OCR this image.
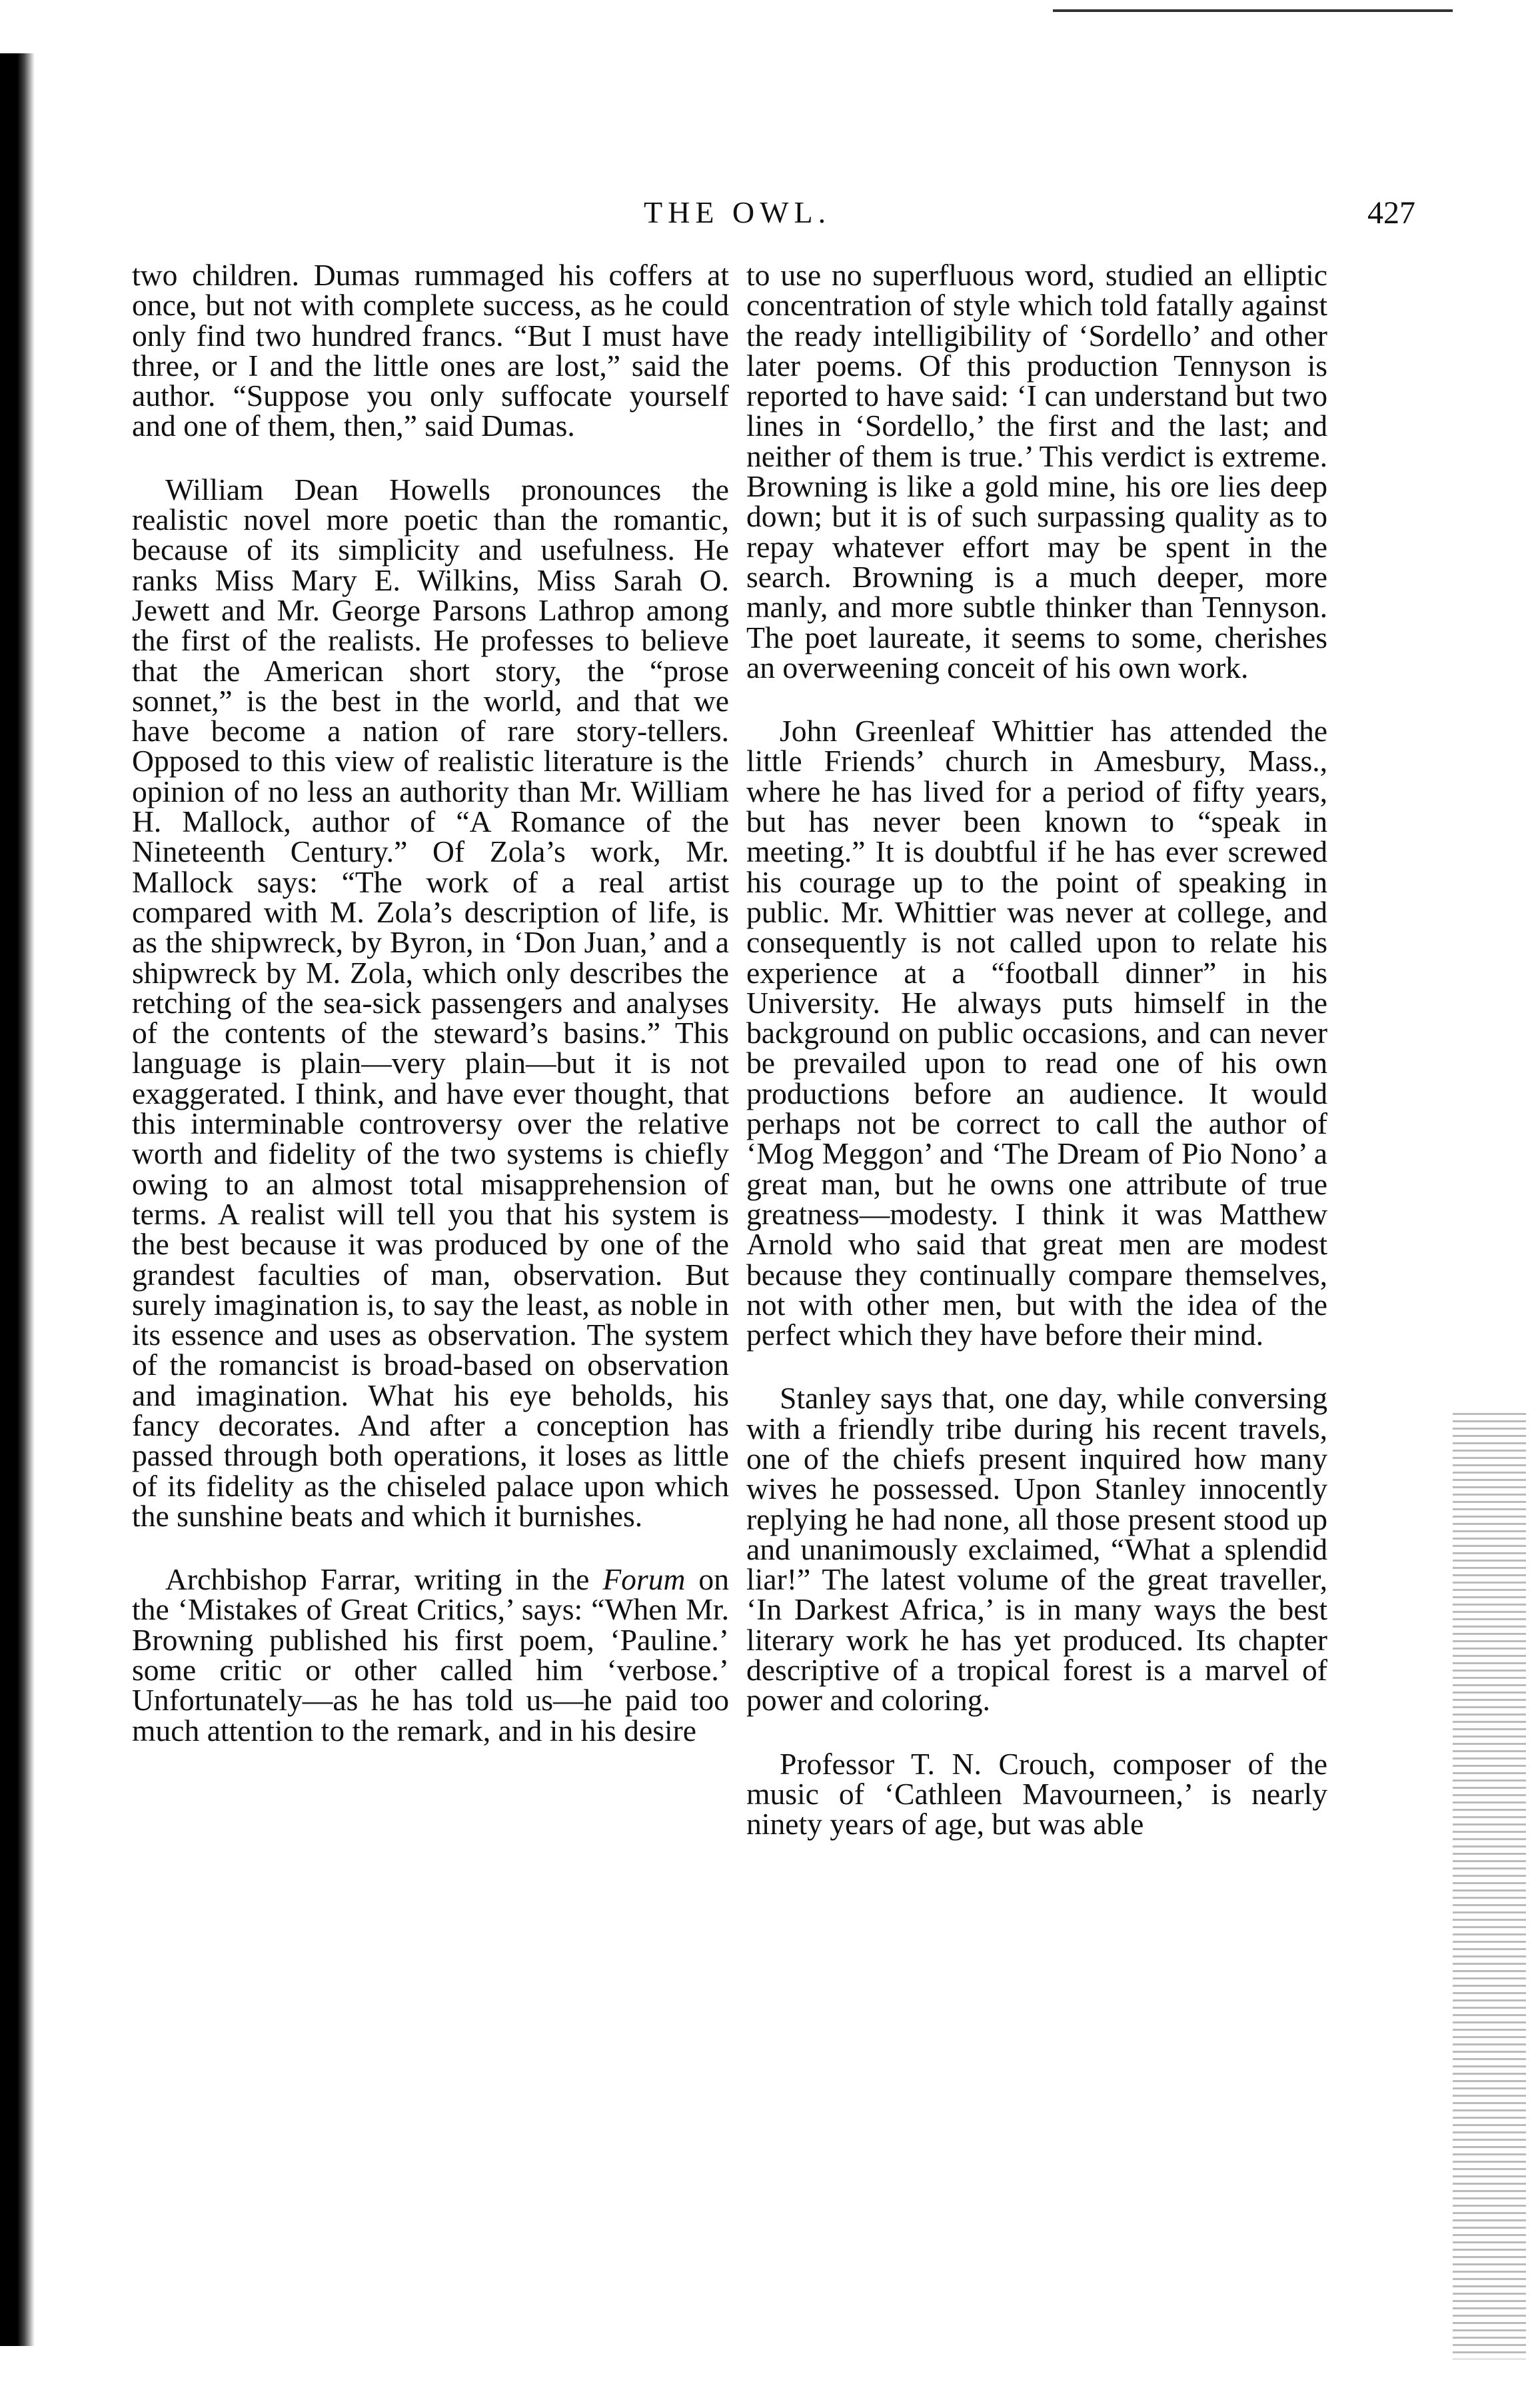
THE OWL.	427

two children. Dumas rummaged his coffers at once, but not with complete success, as he could only find two hundred francs. “But I must have three, or I and the little ones are lost,” said the author. “Suppose you only suffocate yourself and one of them, then,” said Dumas.

William Dean Howells pronounces the realistic novel more poetic than the romantic, because of its simplicity and usefulness. He ranks Miss Mary E. Wilkins, Miss Sarah O. Jewett and Mr. George Parsons Lathrop among the first of the realists. He professes to believe that the American short story, the “prose sonnet,” is the best in the world, and that we have become a nation of rare story-tellers. Opposed to this view of realistic literature is the opinion of no less an authority than Mr. William H. Mallock, author of “A Romance of the Nineteenth Century.” Of Zola’s work, Mr. Mallock says: “The work of a real artist compared with M. Zola’s description of life, is as the shipwreck, by Byron, in ‘Don Juan,’ and a shipwreck by M. Zola, which only describes the retching of the sea-sick passengers and analyses of the contents of the steward’s basins.” This language is plain—very plain—but it is not exaggerated. I think, and have ever thought, that this interminable controversy over the relative worth and fidelity of the two systems is chiefly owing to an almost total misapprehension of terms. A realist will tell you that his system is the best because it was produced by one of the grandest faculties of man, observation. But surely imagination is, to say the least, as noble in its essence and uses as observation. The system of the romancist is broad-based on observation and imagination. What his eye beholds, his fancy decorates. And after a conception has passed through both operations, it loses as little of its fidelity as the chiseled palace upon which the sunshine beats and which it burnishes.

Archbishop Farrar, writing in the Forum on the ‘Mistakes of Great Critics,’ says: “When Mr. Browning published his first poem, ‘Pauline.’ some critic or other called him ‘verbose.’ Unfortunately—as he has told us—he paid too much attention to the remark, and in his desire

to use no superfluous word, studied an elliptic concentration of style which told fatally against the ready intelligibility of ‘Sordello’ and other later poems. Of this production Tennyson is reported to have said: ‘I can understand but two lines in ‘Sordello,’ the first and the last; and neither of them is true.’ This verdict is extreme. Browning is like a gold mine, his ore lies deep down; but it is of such surpassing quality as to repay whatever effort may be spent in the search. Browning is a much deeper, more manly, and more subtle thinker than Tennyson. The poet laureate, it seems to some, cherishes an overweening conceit of his own work.

John Greenleaf Whittier has attended the little Friends’ church in Amesbury, Mass., where he has lived for a period of fifty years, but has never been known to “speak in meeting.” It is doubtful if he has ever screwed his courage up to the point of speaking in public. Mr. Whittier was never at college, and consequently is not called upon to relate his experience at a “football dinner” in his University. He always puts himself in the background on public occasions, and can never be prevailed upon to read one of his own productions before an audience. It would perhaps not be correct to call the author of ‘Mog Meggon’ and ‘The Dream of Pio Nono’ a great man, but he owns one attribute of true greatness—modesty. I think it was Matthew Arnold who said that great men are modest because they continually compare themselves, not with other men, but with the idea of the perfect which they have before their mind.

Stanley says that, one day, while conversing with a friendly tribe during his recent travels, one of the chiefs present inquired how many wives he possessed. Upon Stanley innocently replying he had none, all those present stood up and unanimously exclaimed, “What a splendid liar!” The latest volume of the great traveller, ‘In Darkest Africa,’ is in many ways the best literary work he has yet produced. Its chapter descriptive of a tropical forest is a marvel of power and coloring.

Professor T. N. Crouch, composer of the music of ‘Cathleen Mavourneen,’ is nearly ninety years of age, but was able
